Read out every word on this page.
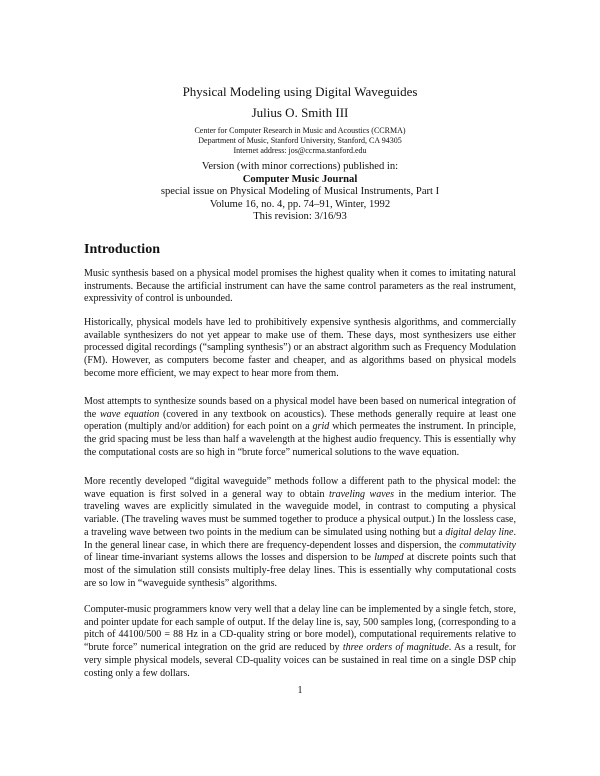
Physical Modeling using Digital Waveguides
Julius O. Smith III
Center for Computer Research in Music and Acoustics (CCRMA)
Department of Music, Stanford University, Stanford, CA 94305
Internet address: jos@ccrma.stanford.edu
Version (with minor corrections) published in:
Computer Music Journal
special issue on Physical Modeling of Musical Instruments, Part I
Volume 16, no. 4, pp. 74–91, Winter, 1992
This revision: 3/16/93
Introduction

Music synthesis based on a physical model promises the highest quality when it comes to imitating natural instruments. Because the artificial instrument can have the same control parameters as the real instrument, expressivity of control is unbounded.

Historically, physical models have led to prohibitively expensive synthesis algorithms, and commercially available synthesizers do not yet appear to make use of them. These days, most synthesizers use either processed digital recordings (“sampling synthesis”) or an abstract algorithm such as Frequency Modulation (FM). However, as computers become faster and cheaper, and as algorithms based on physical models become more efficient, we may expect to hear more from them.

Most attempts to synthesize sounds based on a physical model have been based on numerical integration of the wave equation (covered in any textbook on acoustics). These methods generally require at least one operation (multiply and/or addition) for each point on a grid which permeates the instrument. In principle, the grid spacing must be less than half a wavelength at the highest audio frequency. This is essentially why the computational costs are so high in “brute force” numerical solutions to the wave equation.

More recently developed “digital waveguide” methods follow a different path to the physical model: the wave equation is first solved in a general way to obtain traveling waves in the medium interior. The traveling waves are explicitly simulated in the waveguide model, in contrast to computing a physical variable. (The traveling waves must be summed together to produce a physical output.) In the lossless case, a traveling wave between two points in the medium can be simulated using nothing but a digital delay line. In the general linear case, in which there are frequency-dependent losses and dispersion, the commutativity of linear time-invariant systems allows the losses and dispersion to be lumped at discrete points such that most of the simulation still consists multiply-free delay lines. This is essentially why computational costs are so low in “waveguide synthesis” algorithms.

Computer-music programmers know very well that a delay line can be implemented by a single fetch, store, and pointer update for each sample of output. If the delay line is, say, 500 samples long, (corresponding to a pitch of 44100/500 = 88 Hz in a CD-quality string or bore model), computational requirements relative to “brute force” numerical integration on the grid are reduced by three orders of magnitude. As a result, for very simple physical models, several CD-quality voices can be sustained in real time on a single DSP chip costing only a few dollars.

1
